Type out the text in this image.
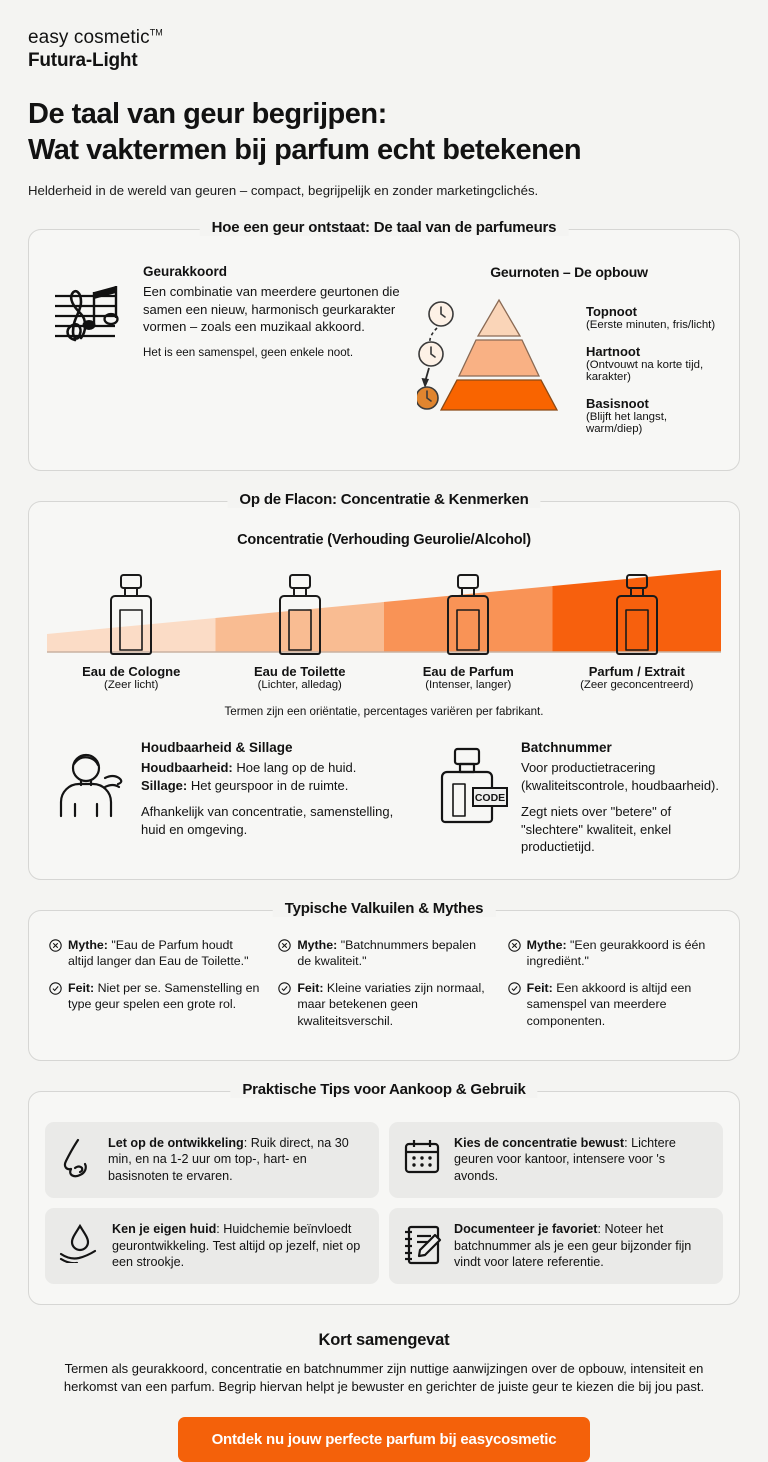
easy cosmetic™
Futura-Light
De taal van geur begrijpen:
Wat vaktermen bij parfum echt betekenen
Helderheid in de wereld van geuren – compact, begrijpelijk en zonder marketingclichés.
Hoe een geur ontstaat: De taal van de parfumeurs
Geurakkoord
Een combinatie van meerdere geurtonen die samen een nieuw, harmonisch geurkarakter vormen – zoals een muzikaal akkoord.
Het is een samenspel, geen enkele noot.
Geurnoten – De opbouw
Topnoot
(Eerste minuten, fris/licht)
Hartnoot
(Ontvouwt na korte tijd, karakter)
Basisnoot
(Blijft het langst, warm/diep)
Op de Flacon: Concentratie & Kenmerken
Concentratie (Verhouding Geurolie/Alcohol)
Eau de Cologne
(Zeer licht)
Eau de Toilette
(Lichter, alledag)
Eau de Parfum
(Intenser, langer)
Parfum / Extrait
(Zeer geconcentreerd)
Termen zijn een oriëntatie, percentages variëren per fabrikant.
Houdbaarheid & Sillage
Houdbaarheid: Hoe lang op de huid.
Sillage: Het geurspoor in de ruimte.
Afhankelijk van concentratie, samenstelling, huid en omgeving.
CODE
Batchnummer
Voor productietracering (kwaliteitscontrole, houdbaarheid).
Zegt niets over "betere" of "slechtere" kwaliteit, enkel productietijd.
Typische Valkuilen & Mythes
Mythe: "Eau de Parfum houdt altijd langer dan Eau de Toilette."
Feit: Niet per se. Samenstelling en type geur spelen een grote rol.
Mythe: "Batchnummers bepalen de kwaliteit."
Feit: Kleine variaties zijn normaal, maar betekenen geen kwaliteitsverschil.
Mythe: "Een geurakkoord is één ingrediënt."
Feit: Een akkoord is altijd een samenspel van meerdere componenten.
Praktische Tips voor Aankoop & Gebruik
Let op de ontwikkeling: Ruik direct, na 30 min, en na 1-2 uur om top-, hart- en basisnoten te ervaren.
Kies de concentratie bewust: Lichtere geuren voor kantoor, intensere voor 's avonds.
Ken je eigen huid: Huidchemie beïnvloedt geurontwikkeling. Test altijd op jezelf, niet op een strookje.
Documenteer je favoriet: Noteer het batchnummer als je een geur bijzonder fijn vindt voor latere referentie.
Kort samengevat

Termen als geurakkoord, concentratie en batchnummer zijn nuttige aanwijzingen over de opbouw, intensiteit en herkomst van een parfum. Begrip hiervan helpt je bewuster en gerichter de juiste geur te kiezen die bij jou past.

Ontdek nu jouw perfecte parfum bij easycosmetic
